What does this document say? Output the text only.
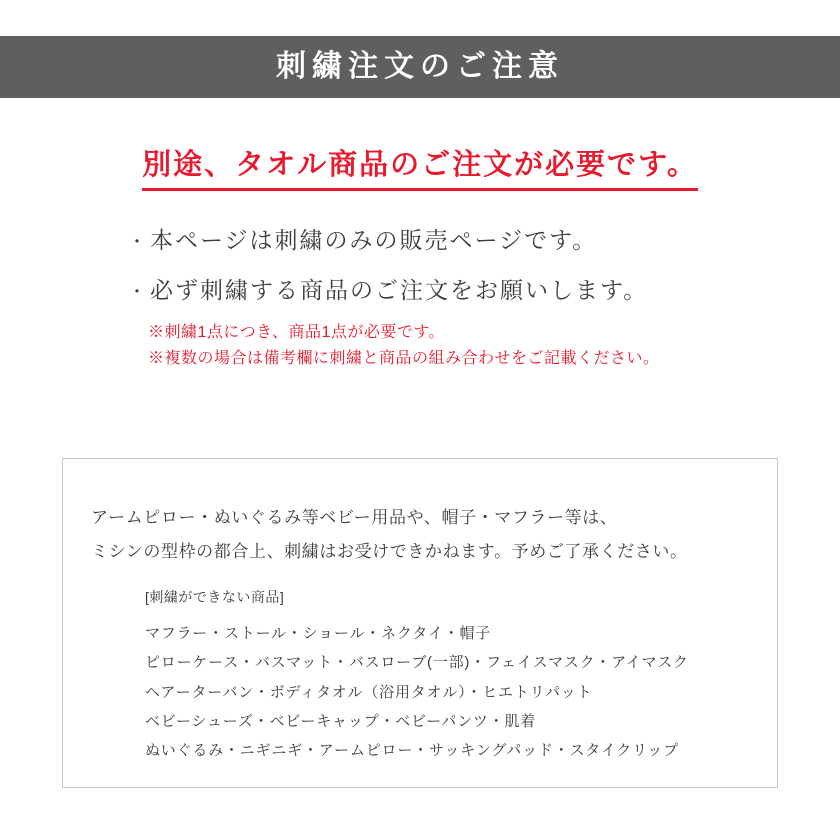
刺繍注文のご注意
別途、タオル商品のご注文が必要です。
・ 本ページは刺繍のみの販売ページです。
・ 必ず刺繍する商品のご注文をお願いします。
※刺繍1点につき、商品1点が必要です。
※複数の場合は備考欄に刺繍と商品の組み合わせをご記載ください。
アームピロー・ぬいぐるみ等ベビー用品や、帽子・マフラー等は、
ミシンの型枠の都合上、刺繍はお受けできかねます。予めご了承ください。
[刺繍ができない商品]
マフラー・ストール・ショール・ネクタイ・帽子
ピローケース・バスマット・バスローブ(一部)・フェイスマスク・アイマスク
ヘアーターバン・ボディタオル（浴用タオル）・ヒエトリパット
ベビーシューズ・ベビーキャップ・ベビーパンツ・肌着
ぬいぐるみ・ニギニギ・アームピロー・サッキングパッド・スタイクリップ
